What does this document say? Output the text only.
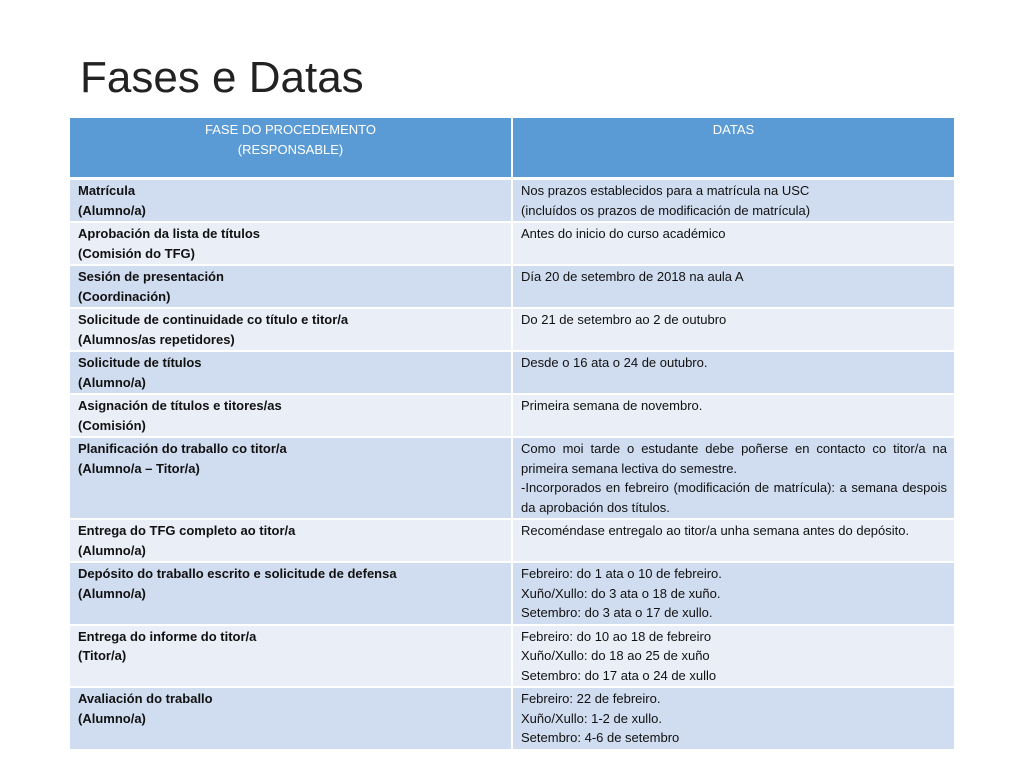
Fases e Datas
FASE DO PROCEDEMENTO
(RESPONSABLE)	DATAS

Matrícula
(Alumno/a)	Nos prazos establecidos para a matrícula na USC
(incluídos os prazos de modificación de matrícula)

Aprobación da lista de títulos
(Comisión do TFG)	Antes do inicio do curso académico

Sesión de presentación
(Coordinación)	Día 20 de setembro de 2018 na aula A

Solicitude de continuidade co título e titor/a
(Alumnos/as repetidores)	Do 21 de setembro ao 2 de outubro

Solicitude de títulos
(Alumno/a)	Desde o 16 ata o 24 de outubro.

Asignación de títulos e titores/as
(Comisión)	Primeira semana de novembro.

Planificación do traballo co titor/a
(Alumno/a – Titor/a)	Como moi tarde o estudante debe poñerse en contacto co titor/a na primeira semana lectiva do semestre.
-Incorporados en febreiro (modificación de matrícula): a semana despois da aprobación dos títulos.

Entrega do TFG completo ao titor/a
(Alumno/a)	Recoméndase entregalo ao titor/a unha semana antes do depósito.

Depósito do traballo escrito e solicitude de defensa
(Alumno/a)	Febreiro: do 1 ata o 10 de febreiro.
Xuño/Xullo: do 3 ata o 18 de xuño.
Setembro: do 3 ata o 17 de xullo.

Entrega do informe do titor/a
(Titor/a)	Febreiro: do 10 ao 18 de febreiro
Xuño/Xullo: do 18 ao 25 de xuño
Setembro: do 17 ata o 24 de xullo

Avaliación do traballo
(Alumno/a)	Febreiro: 22 de febreiro.
Xuño/Xullo: 1-2 de xullo.
Setembro: 4-6 de setembro
